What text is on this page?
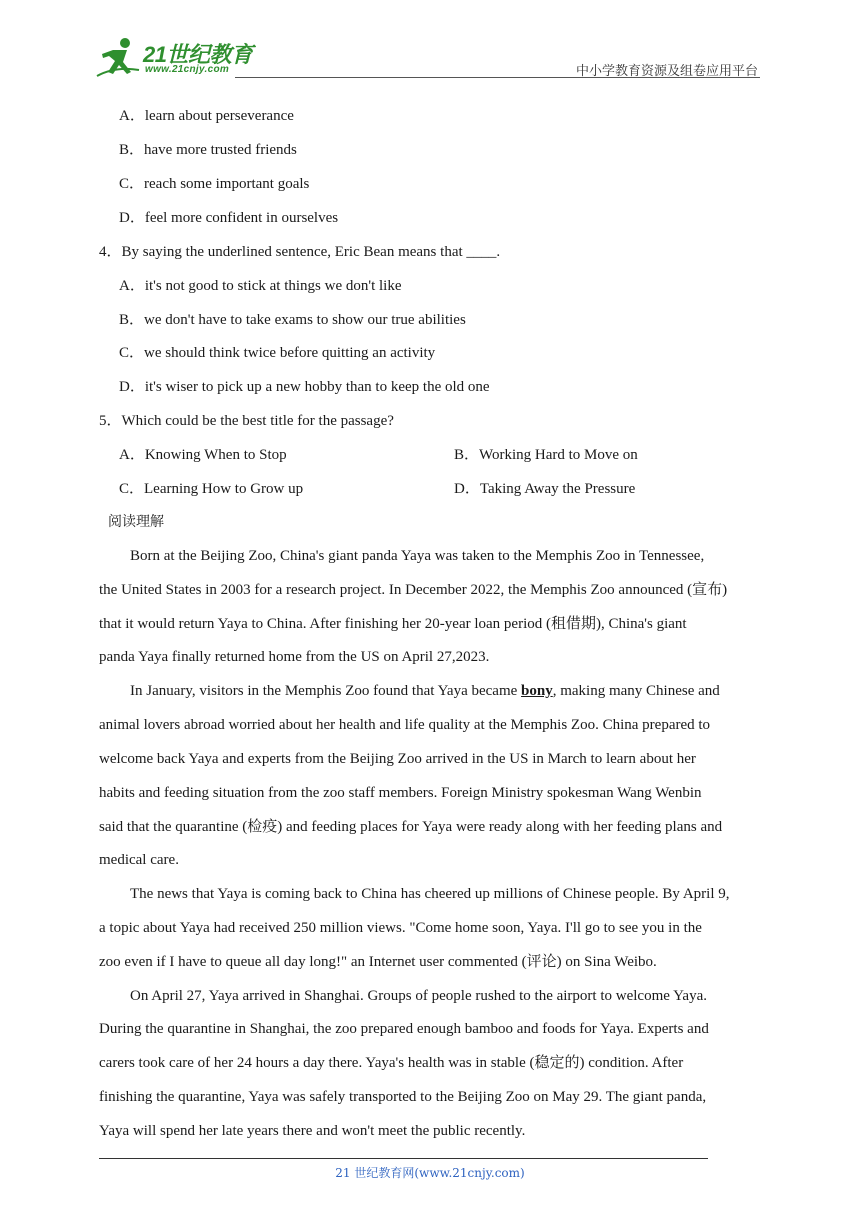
21世纪教育
www.21cnjy.com	中小学教育资源及组卷应用平台
A．learn about perseverance
B．have more trusted friends
C．reach some important goals
D．feel more confident in ourselves
4．By saying the underlined sentence, Eric Bean means that ____.
A．it's not good to stick at things we don't like
B．we don't have to take exams to show our true abilities
C．we should think twice before quitting an activity
D．it's wiser to pick up a new hobby than to keep the old one
5．Which could be the best title for the passage?
A．Knowing When to Stop	B．Working Hard to Move on
C．Learning How to Grow up	D．Taking Away the Pressure
阅读理解
Born at the Beijing Zoo, China's giant panda Yaya was taken to the Memphis Zoo in Tennessee,
the United States in 2003 for a research project. In December 2022, the Memphis Zoo announced (宣布)
that it would return Yaya to China. After finishing her 20-year loan period (租借期), China's giant
panda Yaya finally returned home from the US on April 27,2023.
In January, visitors in the Memphis Zoo found that Yaya became bony, making many Chinese and
animal lovers abroad worried about her health and life quality at the Memphis Zoo. China prepared to
welcome back Yaya and experts from the Beijing Zoo arrived in the US in March to learn about her
habits and feeding situation from the zoo staff members. Foreign Ministry spokesman Wang Wenbin
said that the quarantine (检疫) and feeding places for Yaya were ready along with her feeding plans and
medical care.
The news that Yaya is coming back to China has cheered up millions of Chinese people. By April 9,
a topic about Yaya had received 250 million views. "Come home soon, Yaya. I'll go to see you in the
zoo even if I have to queue all day long!" an Internet user commented (评论) on Sina Weibo.
On April 27, Yaya arrived in Shanghai. Groups of people rushed to the airport to welcome Yaya.
During the quarantine in Shanghai, the zoo prepared enough bamboo and foods for Yaya. Experts and
carers took care of her 24 hours a day there. Yaya's health was in stable (稳定的) condition. After
finishing the quarantine, Yaya was safely transported to the Beijing Zoo on May 29. The giant panda,
Yaya will spend her late years there and won't meet the public recently.
21 世纪教育网(www.21cnjy.com)
